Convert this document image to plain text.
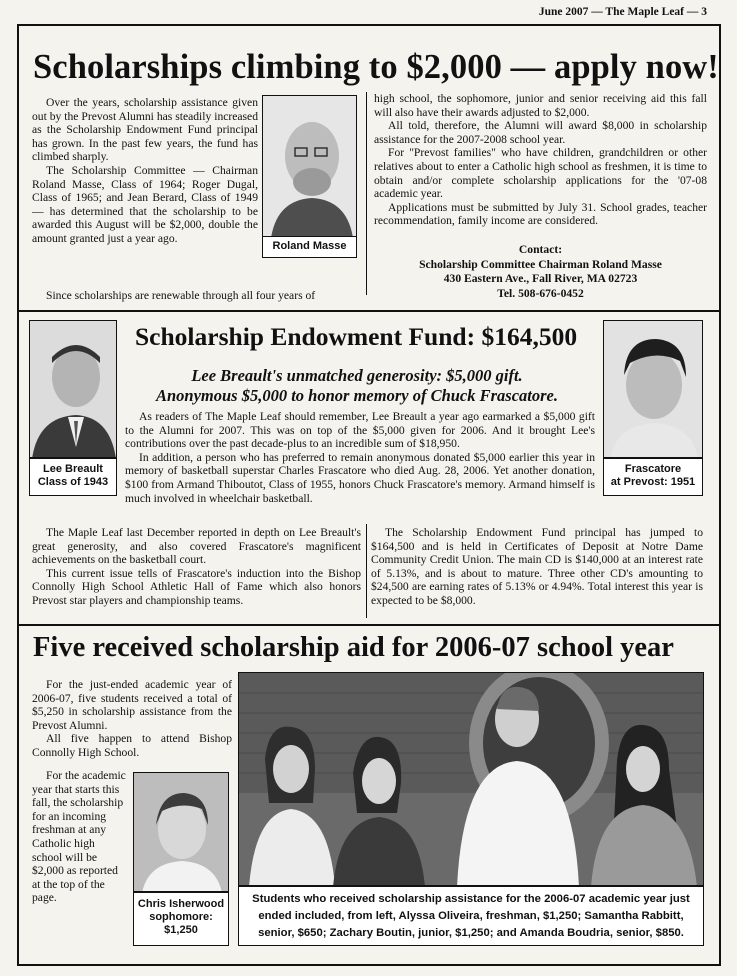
June 2007 — The Maple Leaf — 3
Scholarships climbing to $2,000 — apply now!

Over the years, scholarship assistance given out by the Prevost Alumni has steadily increased as the Scholarship Endowment Fund principal has grown. In the past few years, the fund has climbed sharply.

The Scholarship Committee — Chairman Roland Masse, Class of 1964; Roger Dugal, Class of 1965; and Jean Berard, Class of 1949 — has determined that the scholarship to be awarded this August will be $2,000, double the amount granted just a year ago.

Since scholarships are renewable through all four years of

Roland Masse

high school, the sophomore, junior and senior receiving aid this fall will also have their awards adjusted to $2,000.

All told, therefore, the Alumni will award $8,000 in scholarship assistance for the 2007-2008 school year.

For "Prevost families" who have children, grandchildren or other relatives about to enter a Catholic high school as freshmen, it is time to obtain and/or complete scholarship applications for the '07-08 academic year.

Applications must be submitted by July 31. School grades, teacher recommendation, family income are considered.

Contact:
Scholarship Committee Chairman Roland Masse
430 Eastern Ave., Fall River, MA 02723
Tel. 508-676-0452
Lee Breault
Class of 1943
Scholarship Endowment Fund: $164,500
Lee Breault's unmatched generosity: $5,000 gift.
Anonymous $5,000 to honor memory of Chuck Frascatore.

As readers of The Maple Leaf should remember, Lee Breault a year ago earmarked a $5,000 gift to the Alumni for 2007. This was on top of the $5,000 given for 2006. And it brought Lee's contributions over the past decade-plus to an incredible sum of $18,950.

In addition, a person who has preferred to remain anonymous donated $5,000 earlier this year in memory of basketball superstar Charles Frascatore who died Aug. 28, 2006. Yet another donation, $100 from Armand Thiboutot, Class of 1955, honors Chuck Frascatore's memory. Armand himself is much involved in wheelchair basketball.

Frascatore
at Prevost: 1951

The Maple Leaf last December reported in depth on Lee Breault's great generosity, and also covered Frascatore's magnificent achievements on the basketball court.

This current issue tells of Frascatore's induction into the Bishop Connolly High School Athletic Hall of Fame which also honors Prevost star players and championship teams.

The Scholarship Endowment Fund principal has jumped to $164,500 and is held in Certificates of Deposit at Notre Dame Community Credit Union. The main CD is $140,000 at an interest rate of 5.13%, and is about to mature. Three other CD's amounting to $24,500 are earning rates of 5.13% or 4.94%. Total interest this year is expected to be $8,000.

Five received scholarship aid for 2006-07 school year

For the just-ended academic year of 2006-07, five students received a total of $5,250 in scholarship assistance from the Prevost Alumni.

All five happen to attend Bishop Connolly High School.

For the academic year that starts this fall, the scholarship for an incoming freshman at any Catholic high school will be $2,000 as reported at the top of the page.	Chris Isherwood
sophomore:
$1,250
Students who received scholarship assistance for the 2006-07 academic year just ended included, from left, Alyssa Oliveira, freshman, $1,250; Samantha Rabbitt, senior, $650; Zachary Boutin, junior, $1,250; and Amanda Boudria, senior, $850.
